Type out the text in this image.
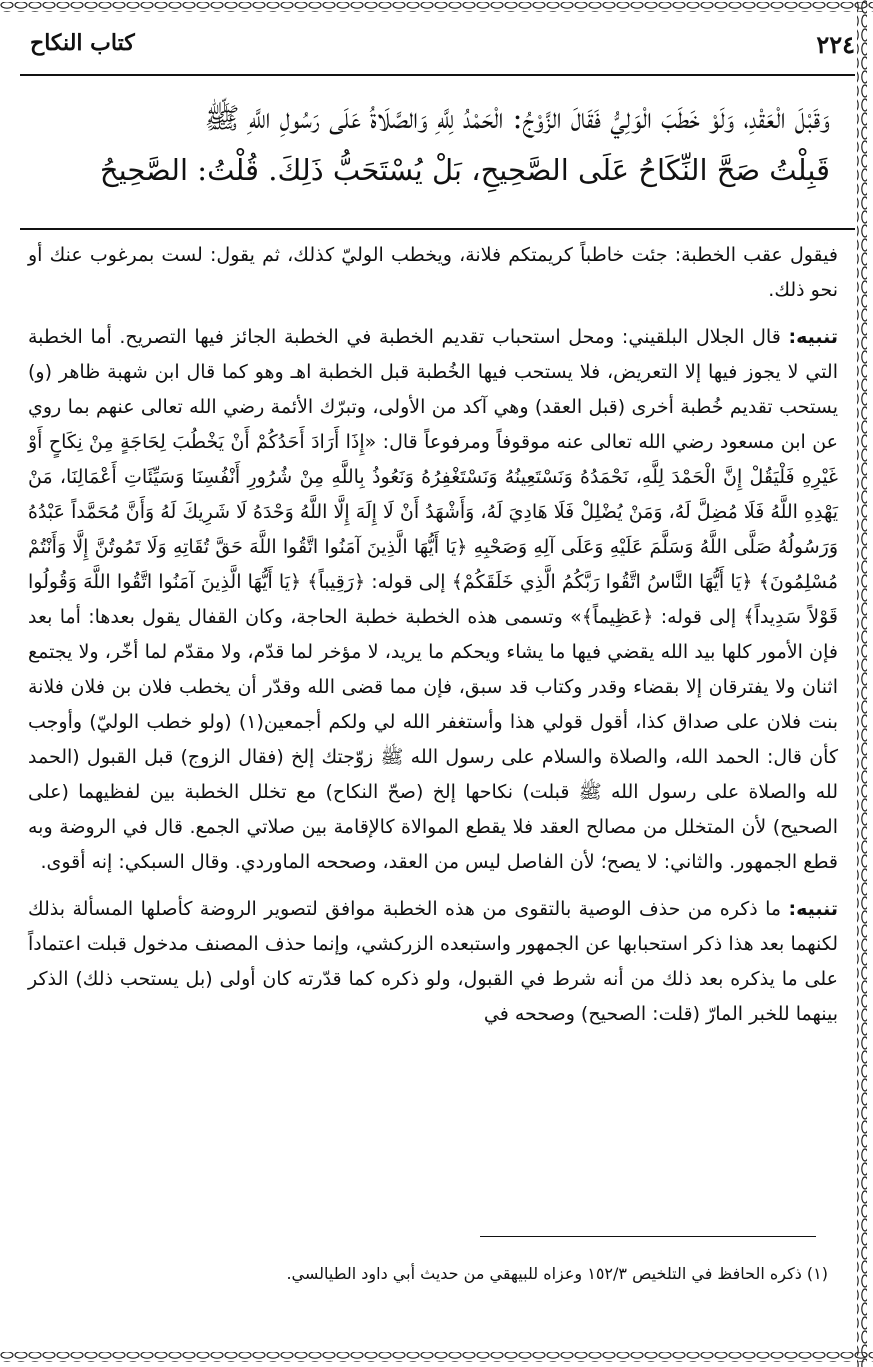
٢٢٤
كتاب النكاح
وَقَبْلَ الْعَقْدِ، وَلَوْ خَطَبَ الْوَلِيُّ فَقَالَ الزَّوْجُ: الْحَمْدُ لِلَّهِ وَالصَّلَاةُ عَلَى رَسُولِ اللَّهِ ﷺ
قَبِلْتُ صَحَّ النِّكَاحُ عَلَى الصَّحِيحِ، بَلْ يُسْتَحَبُّ ذَلِكَ. قُلْتُ: الصَّحِيحُ

فيقول عقب الخطبة: جئت خاطباً كريمتكم فلانة، ويخطب الوليّ كذلك، ثم يقول: لست بمرغوب عنك أو نحو ذلك.

تنبيه: قال الجلال البلقيني: ومحل استحباب تقديم الخطبة في الخطبة الجائز فيها التصريح. أما الخطبة التي لا يجوز فيها إلا التعريض، فلا يستحب فيها الخُطبة قبل الخطبة اهـ وهو كما قال ابن شهبة ظاهر (و) يستحب تقديم خُطبة أخرى (قبل العقد) وهي آكد من الأولى، وتبرّك الأئمة رضي الله تعالى عنهم بما روي عن ابن مسعود رضي الله تعالى عنه موقوفاً ومرفوعاً قال: «إِذَا أَرَادَ أَحَدُكُمْ أَنْ يَخْطُبَ لِحَاجَةٍ مِنْ نِكَاحٍ أَوْ غَيْرِهِ فَلْيَقُلْ إِنَّ الْحَمْدَ لِلَّهِ، نَحْمَدُهُ وَنَسْتَعِينُهُ وَنَسْتَغْفِرُهُ وَنَعُوذُ بِاللَّهِ مِنْ شُرُورِ أَنْفُسِنَا وَسَيِّئَاتِ أَعْمَالِنَا، مَنْ يَهْدِهِ اللَّهُ فَلَا مُضِلَّ لَهُ، وَمَنْ يُضْلِلْ فَلَا هَادِيَ لَهُ، وَأَشْهَدُ أَنْ لَا إِلَهَ إِلَّا اللَّهُ وَحْدَهُ لَا شَرِيكَ لَهُ وَأَنَّ مُحَمَّداً عَبْدُهُ وَرَسُولُهُ صَلَّى اللَّهُ وَسَلَّمَ عَلَيْهِ وَعَلَى آلِهِ وَصَحْبِهِ ﴿يَا أَيُّهَا الَّذِينَ آمَنُوا اتَّقُوا اللَّهَ حَقَّ تُقَاتِهِ وَلَا تَمُوتُنَّ إِلَّا وَأَنْتُمْ مُسْلِمُونَ﴾ ﴿يَا أَيُّهَا النَّاسُ اتَّقُوا رَبَّكُمُ الَّذِي خَلَقَكُمْ﴾ إلى قوله: ﴿رَقِيباً﴾ ﴿يَا أَيُّهَا الَّذِينَ آمَنُوا اتَّقُوا اللَّهَ وَقُولُوا قَوْلاً سَدِيداً﴾ إلى قوله: ﴿عَظِيماً﴾» وتسمى هذه الخطبة خطبة الحاجة، وكان القفال يقول بعدها: أما بعد فإن الأمور كلها بيد الله يقضي فيها ما يشاء ويحكم ما يريد، لا مؤخر لما قدّم، ولا مقدّم لما أخّر، ولا يجتمع اثنان ولا يفترقان إلا بقضاء وقدر وكتاب قد سبق، فإن مما قضى الله وقدّر أن يخطب فلان بن فلان فلانة بنت فلان على صداق كذا، أقول قولي هذا وأستغفر الله لي ولكم أجمعين(١) (ولو خطب الوليّ) وأوجب كأن قال: الحمد الله، والصلاة والسلام على رسول الله ﷺ زوّجتك إلخ (فقال الزوج) قبل القبول (الحمد لله والصلاة على رسول الله ﷺ قبلت) نكاحها إلخ (صحّ النكاح) مع تخلل الخطبة بين لفظيهما (على الصحيح) لأن المتخلل من مصالح العقد فلا يقطع الموالاة كالإقامة بين صلاتي الجمع. قال في الروضة وبه قطع الجمهور. والثاني: لا يصح؛ لأن الفاصل ليس من العقد، وصححه الماوردي. وقال السبكي: إنه أقوى.

تنبيه: ما ذكره من حذف الوصية بالتقوى من هذه الخطبة موافق لتصوير الروضة كأصلها المسألة بذلك لكنهما بعد هذا ذكر استحبابها عن الجمهور واستبعده الزركشي، وإنما حذف المصنف مدخول قبلت اعتماداً على ما يذكره بعد ذلك من أنه شرط في القبول، ولو ذكره كما قدّرته كان أولى (بل يستحب ذلك) الذكر بينهما للخبر المارّ (قلت: الصحيح) وصححه في

(١) ذكره الحافظ في التلخيص ١٥٢/٣ وعزاه للبيهقي من حديث أبي داود الطيالسي.
